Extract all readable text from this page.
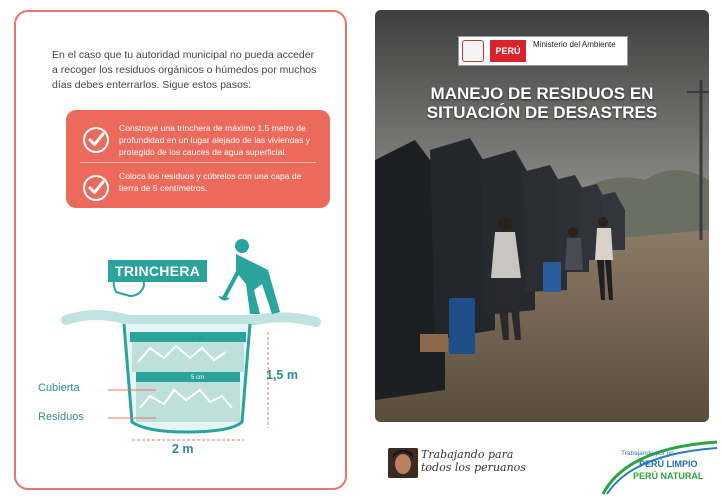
En el caso que tu autoridad municipal no pueda acceder a recoger los residuos orgánicos o húmedos por muchos días debes enterrarlos. Sigue estos pasos:

Construye una trinchera de máximo 1.5 metro de profundidad en un lugar alejado de las viviendas y protegido de los cauces de agua superficial.
Coloca los residuos y cúbrelos con una capa de tierra de 5 centímetros.
5 cm
5 cm
TRINCHERA
Cubierta
Residuos
1,5 m
2 m
PERÚ
Ministerio del Ambiente
MANEJO DE RESIDUOS EN SITUACIÓN DE DESASTRES
Trabajando para todos los peruanos
Trabajando por un
PERÚ LIMPIO
PERÚ NATURAL
